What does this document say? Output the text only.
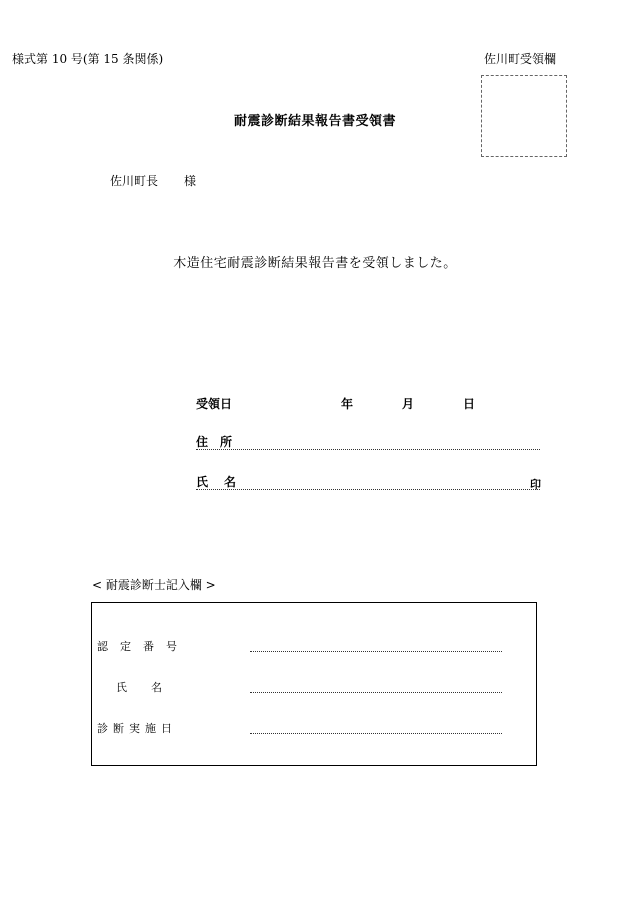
様式第 10 号(第 15 条関係)	佐川町受領欄
耐震診断結果報告書受領書
佐川町長 様
木造住宅耐震診断結果報告書を受領しました。
受領日	年	月	日
住所
氏名	印
< 耐震診断士記入欄 >
認定番号
氏名
診断実施日
